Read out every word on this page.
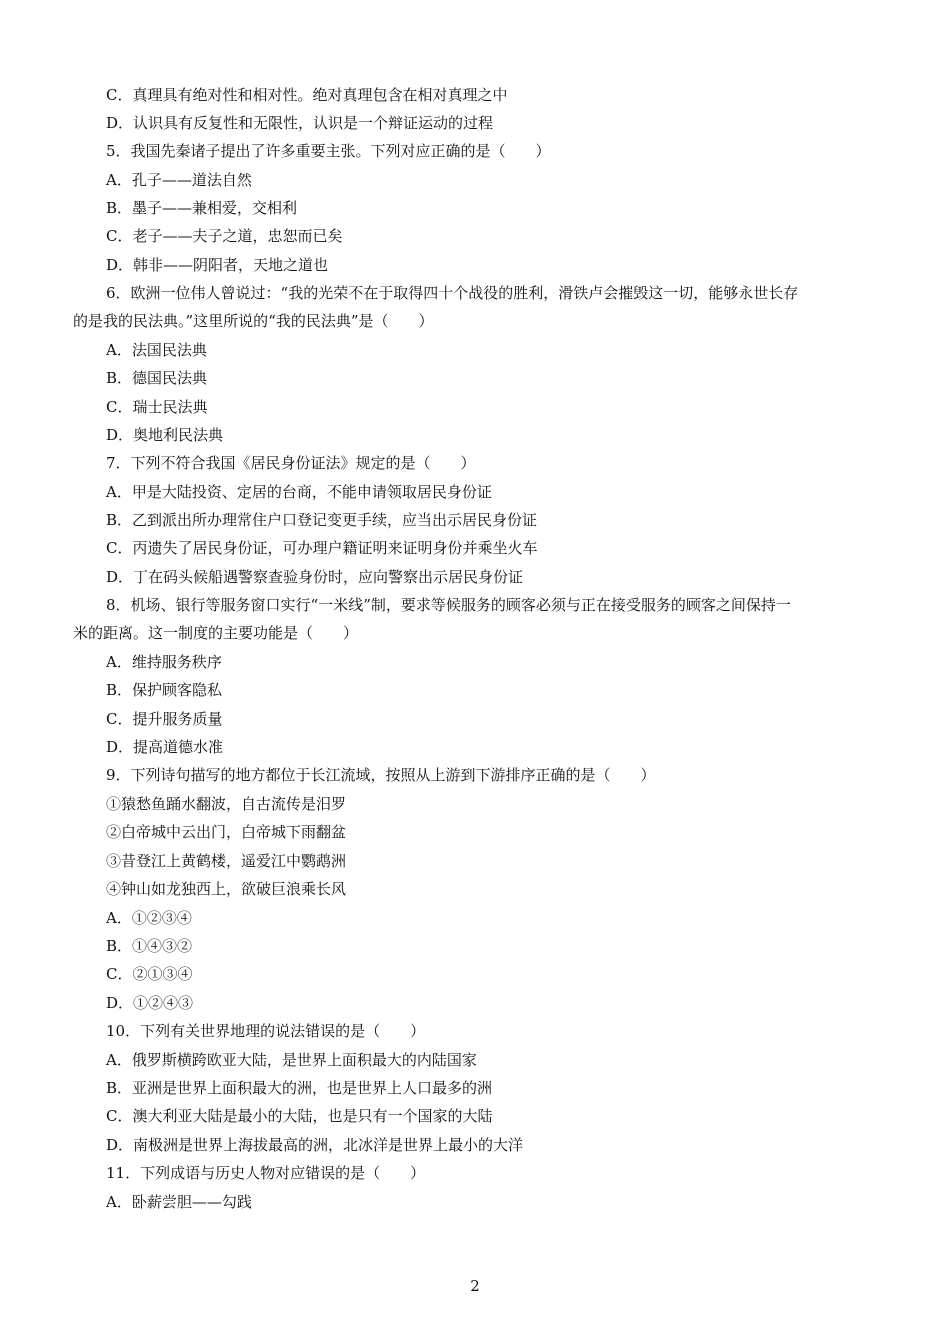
C．真理具有绝对性和相对性。绝对真理包含在相对真理之中
D．认识具有反复性和无限性，认识是一个辩证运动的过程
5．我国先秦诸子提出了许多重要主张。下列对应正确的是（　　）
A．孔子——道法自然
B．墨子——兼相爱，交相利
C．老子——夫子之道，忠恕而已矣
D．韩非——阴阳者，天地之道也
6．欧洲一位伟人曾说过：“我的光荣不在于取得四十个战役的胜利，滑铁卢会摧毁这一切，能够永世长存
的是我的民法典。”这里所说的“我的民法典”是（　　）
A．法国民法典
B．德国民法典
C．瑞士民法典
D．奥地利民法典
7．下列不符合我国《居民身份证法》规定的是（　　）
A．甲是大陆投资、定居的台商，不能申请领取居民身份证
B．乙到派出所办理常住户口登记变更手续，应当出示居民身份证
C．丙遗失了居民身份证，可办理户籍证明来证明身份并乘坐火车
D．丁在码头候船遇警察查验身份时，应向警察出示居民身份证
8．机场、银行等服务窗口实行“一米线”制，要求等候服务的顾客必须与正在接受服务的顾客之间保持一
米的距离。这一制度的主要功能是（　　）
A．维持服务秩序
B．保护顾客隐私
C．提升服务质量
D．提高道德水准
9．下列诗句描写的地方都位于长江流域，按照从上游到下游排序正确的是（　　）
①猿愁鱼踊水翻波，自古流传是汨罗
②白帝城中云出门，白帝城下雨翻盆
③昔登江上黄鹤楼，遥爱江中鹦鹉洲
④钟山如龙独西上，欲破巨浪乘长风
A．①②③④
B．①④③②
C．②①③④
D．①②④③
10．下列有关世界地理的说法错误的是（　　）
A．俄罗斯横跨欧亚大陆，是世界上面积最大的内陆国家
B．亚洲是世界上面积最大的洲，也是世界上人口最多的洲
C．澳大利亚大陆是最小的大陆，也是只有一个国家的大陆
D．南极洲是世界上海拔最高的洲，北冰洋是世界上最小的大洋
11．下列成语与历史人物对应错误的是（　　）
A．卧薪尝胆——勾践
2
